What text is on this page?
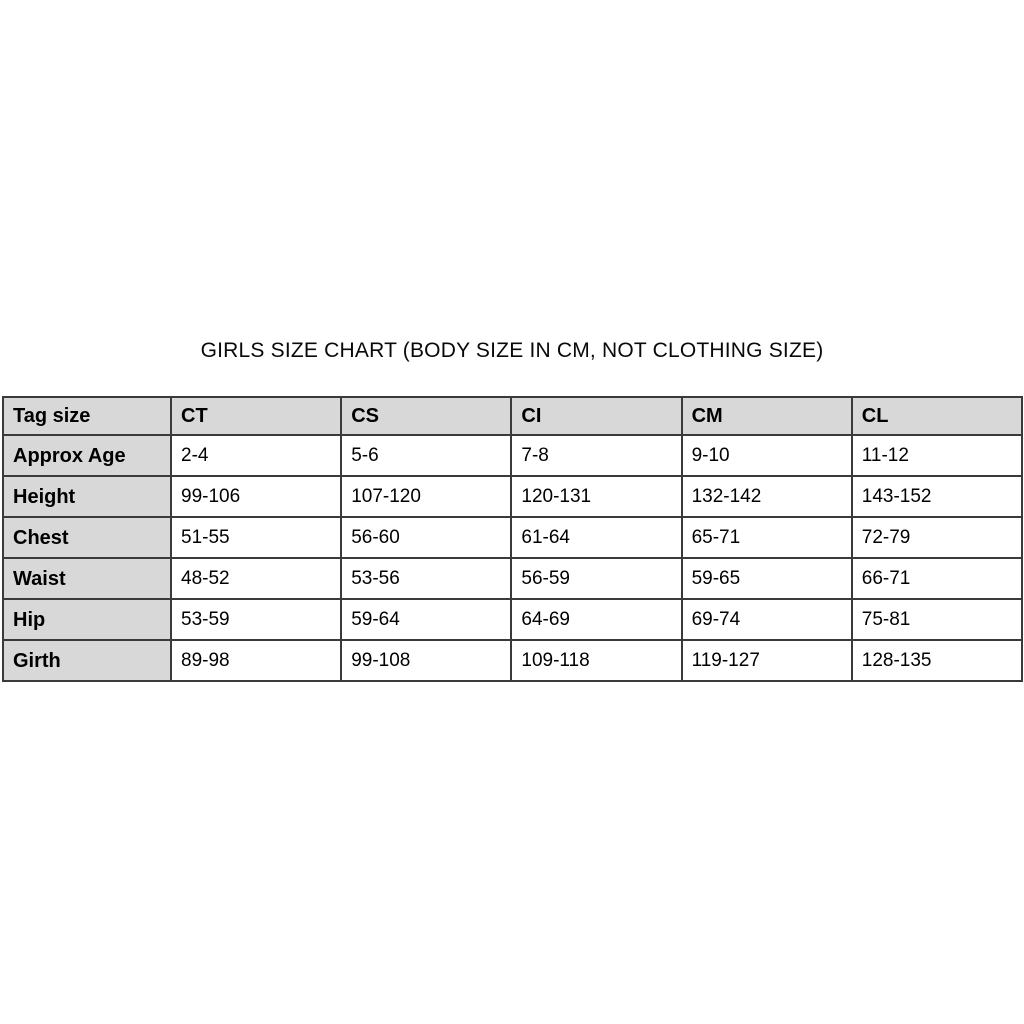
GIRLS SIZE CHART (BODY SIZE IN CM, NOT CLOTHING SIZE)
Tag size	CT	CS	CI	CM	CL
Approx Age	2-4	5-6	7-8	9-10	11-12
Height	99-106	107-120	120-131	132-142	143-152
Chest	51-55	56-60	61-64	65-71	72-79
Waist	48-52	53-56	56-59	59-65	66-71
Hip	53-59	59-64	64-69	69-74	75-81
Girth	89-98	99-108	109-118	119-127	128-135
